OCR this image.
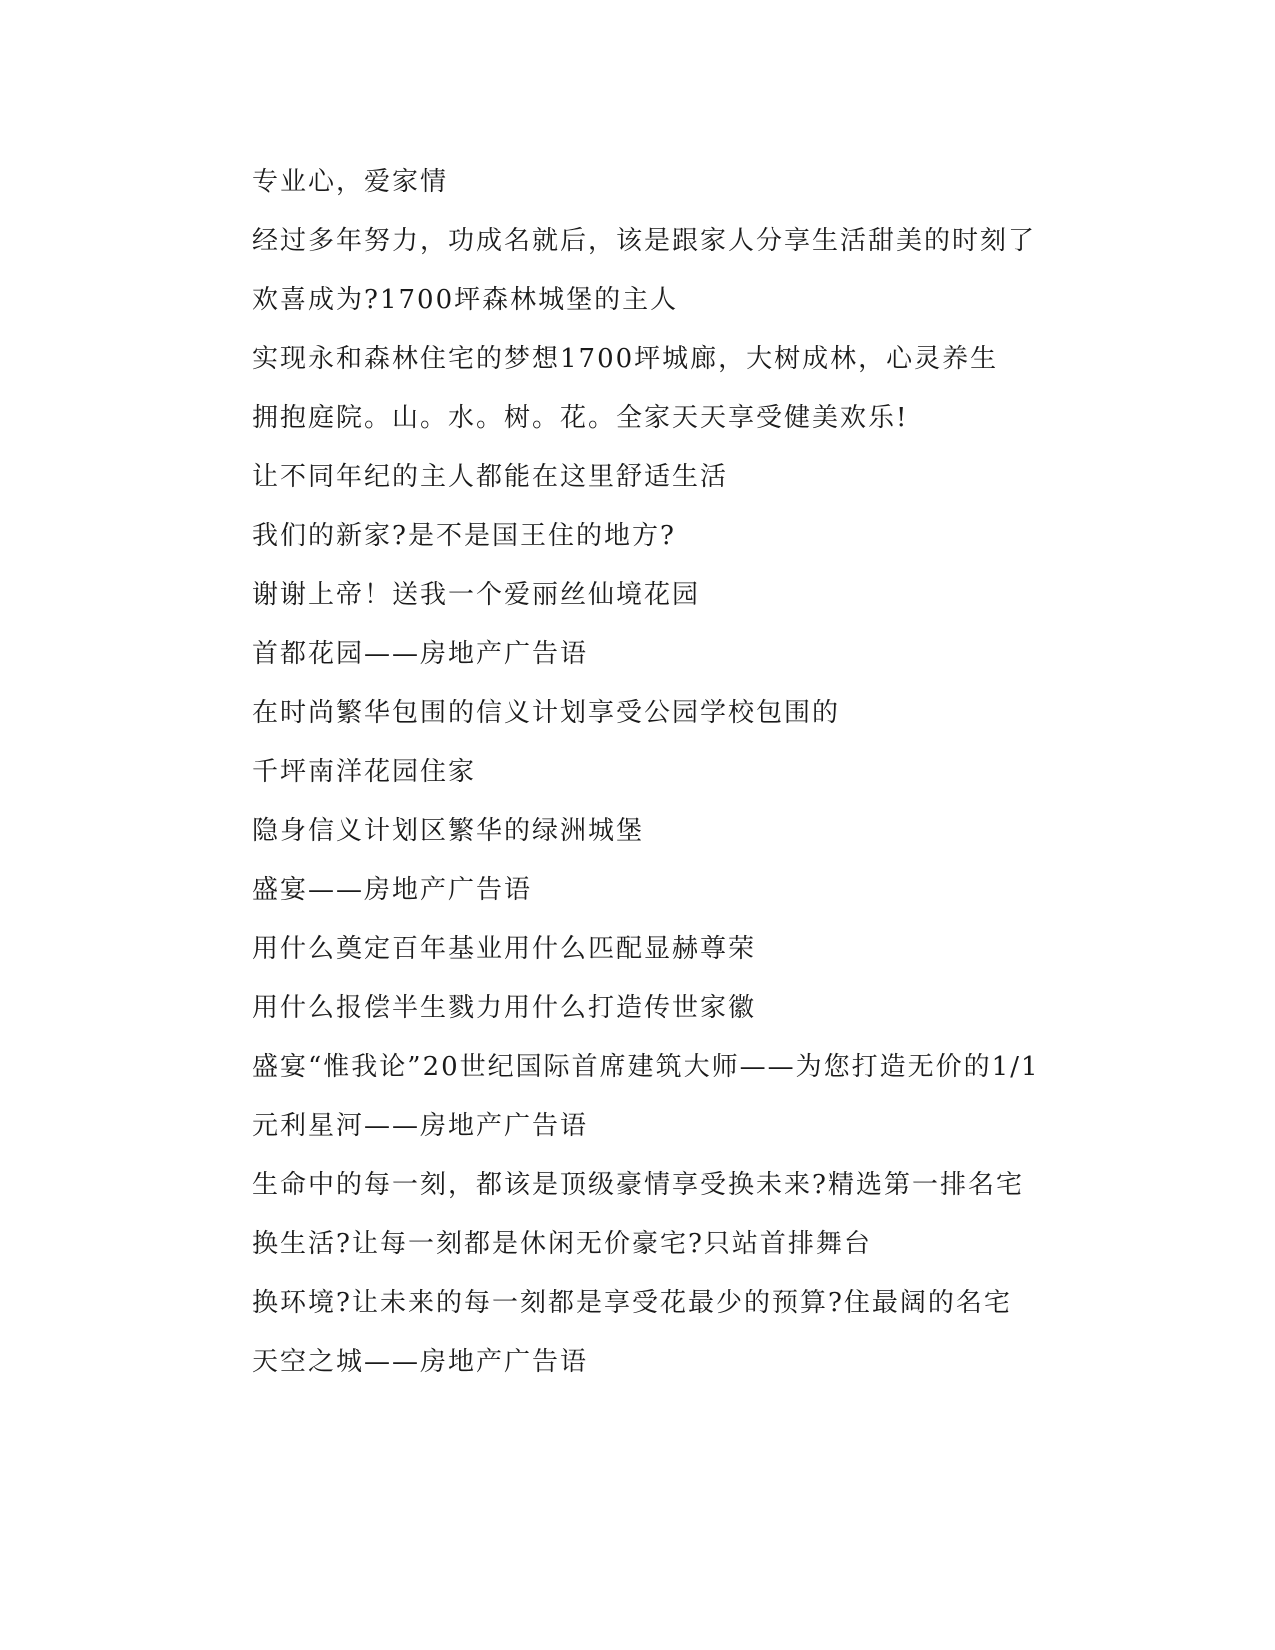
专业心，爱家情
经过多年努力，功成名就后，该是跟家人分享生活甜美的时刻了
欢喜成为?1700坪森林城堡的主人
实现永和森林住宅的梦想1700坪城廊，大树成林，心灵养生
拥抱庭院。山。水。树。花。全家天天享受健美欢乐!
让不同年纪的主人都能在这里舒适生活
我们的新家?是不是国王住的地方?
谢谢上帝！送我一个爱丽丝仙境花园
首都花园——房地产广告语
在时尚繁华包围的信义计划享受公园学校包围的
千坪南洋花园住家
隐身信义计划区繁华的绿洲城堡
盛宴——房地产广告语
用什么奠定百年基业用什么匹配显赫尊荣
用什么报偿半生戮力用什么打造传世家徽
盛宴“惟我论”20世纪国际首席建筑大师——为您打造无价的1/1
元利星河——房地产广告语
生命中的每一刻，都该是顶级豪情享受换未来?精选第一排名宅
换生活?让每一刻都是休闲无价豪宅?只站首排舞台
换环境?让未来的每一刻都是享受花最少的预算?住最阔的名宅
天空之城——房地产广告语
